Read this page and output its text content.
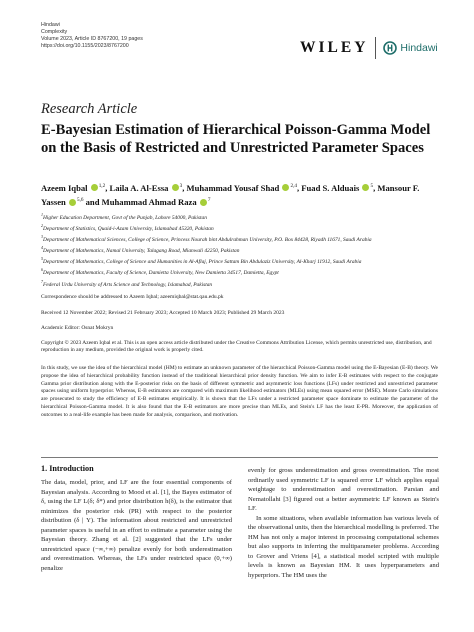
Hindawi
Complexity
Volume 2023, Article ID 8767200, 19 pages
https://doi.org/10.1155/2023/8767200	WILEY	Hindawi
Research Article
E-Bayesian Estimation of Hierarchical Poisson-Gamma Model on the Basis of Restricted and Unrestricted Parameter Spaces
Azeem Iqbal $^{1,2}$, Laila A. Al-Essa $^3$, Muhammad Yousaf Shad $^{2,4}$, Fuad S. Alduais $^5$, Mansour F. Yassen $^{5,6}$ and Muhammad Ahmad Raza $^7$
$^1$Higher Education Department, Govt of the Punjab, Lahore 54000, Pakistan
$^2$Department of Statistics, Quaid-i-Azam University, Islamabad 45320, Pakistan
$^3$Department of Mathematical Sciences, College of Science, Princess Nourah bint Abdulrahman University, P.O. Box 84428, Riyadh 11671, Saudi Arabia
$^4$Department of Mathematics, Namal University, Talagang Road, Mianwali 42250, Pakistan
$^5$Department of Mathematics, College of Science and Humanities in Al-Aflaj, Prince Sattam Bin Abdulaziz University, Al-Kharj 11912, Saudi Arabia
$^6$Department of Mathematics, Faculty of Science, Damietta University, New Damietta 34517, Damietta, Egypt
$^7$Federal Urdu University of Arts Science and Technology, Islamabad, Pakistan
Correspondence should be addressed to Azeem Iqbal; azeemiqbal@stat.qau.edu.pk
Received 12 November 2022; Revised 21 February 2023; Accepted 10 March 2023; Published 29 March 2023
Academic Editor: Osnat Mokryn
Copyright © 2023 Azeem Iqbal et al. This is an open access article distributed under the Creative Commons Attribution License, which permits unrestricted use, distribution, and reproduction in any medium, provided the original work is properly cited.
In this study, we use the idea of the hierarchical model (HM) to estimate an unknown parameter of the hierarchical Poisson-Gamma model using the E-Bayesian (E-B) theory. We propose the idea of hierarchical probability function instead of the traditional hierarchical prior density function. We aim to infer E-B estimates with respect to the conjugate Gamma prior distribution along with the E-posterior risks on the basis of different symmetric and asymmetric loss functions (LFs) under restricted and unrestricted parameter spaces using uniform hyperprior. Whereas, E-B estimators are compared with maximum likelihood estimators (MLEs) using mean squared error (MSE). Monte Carlo simulations are prosecuted to study the efficiency of E-B estimates empirically. It is shown that the LFs under a restricted parameter space dominate to estimate the parameter of the hierarchical Poisson-Gamma model. It is also found that the E-B estimators are more precise than MLEs, and Stein's LF has the least E-PR. Moreover, the application of outcomes to a real-life example has been made for analysis, comparison, and motivation.
1. Introduction

The data, model, prior, and LF are the four essential components of Bayesian analysis. According to Mood et al. [1], the Bayes estimator of δ, using the LF L(δ; δ*) and prior distribution h(δ), is the estimator that minimizes the posterior risk (PR) with respect to the posterior distribution (δ | Y). The information about restricted and unrestricted parameter spaces is useful in an effort to estimate a parameter using the Bayesian theory. Zhang et al. [2] suggested that the LFs under unrestricted space (−∞,+∞) penalize evenly for both underestimation and overestimation. Whereas, the LFs under restricted space (0,+∞) penalize

evenly for gross underestimation and gross overestimation. The most ordinarily used symmetric LF is squared error LF which applies equal weightage to underestimation and overestimation. Parsian and Nematollahi [3] figured out a better asymmetric LF known as Stein's LF.

In some situations, when available information has various levels of the observational units, then the hierarchical modelling is preferred. The HM has not only a major interest in processing computational schemes but also supports in inferring the multiparameter problems. According to Grover and Vriens [4], a statistical model scripted with multiple levels is known as Bayesian HM. It uses hyperparameters and hyperpriors. The HM uses the
